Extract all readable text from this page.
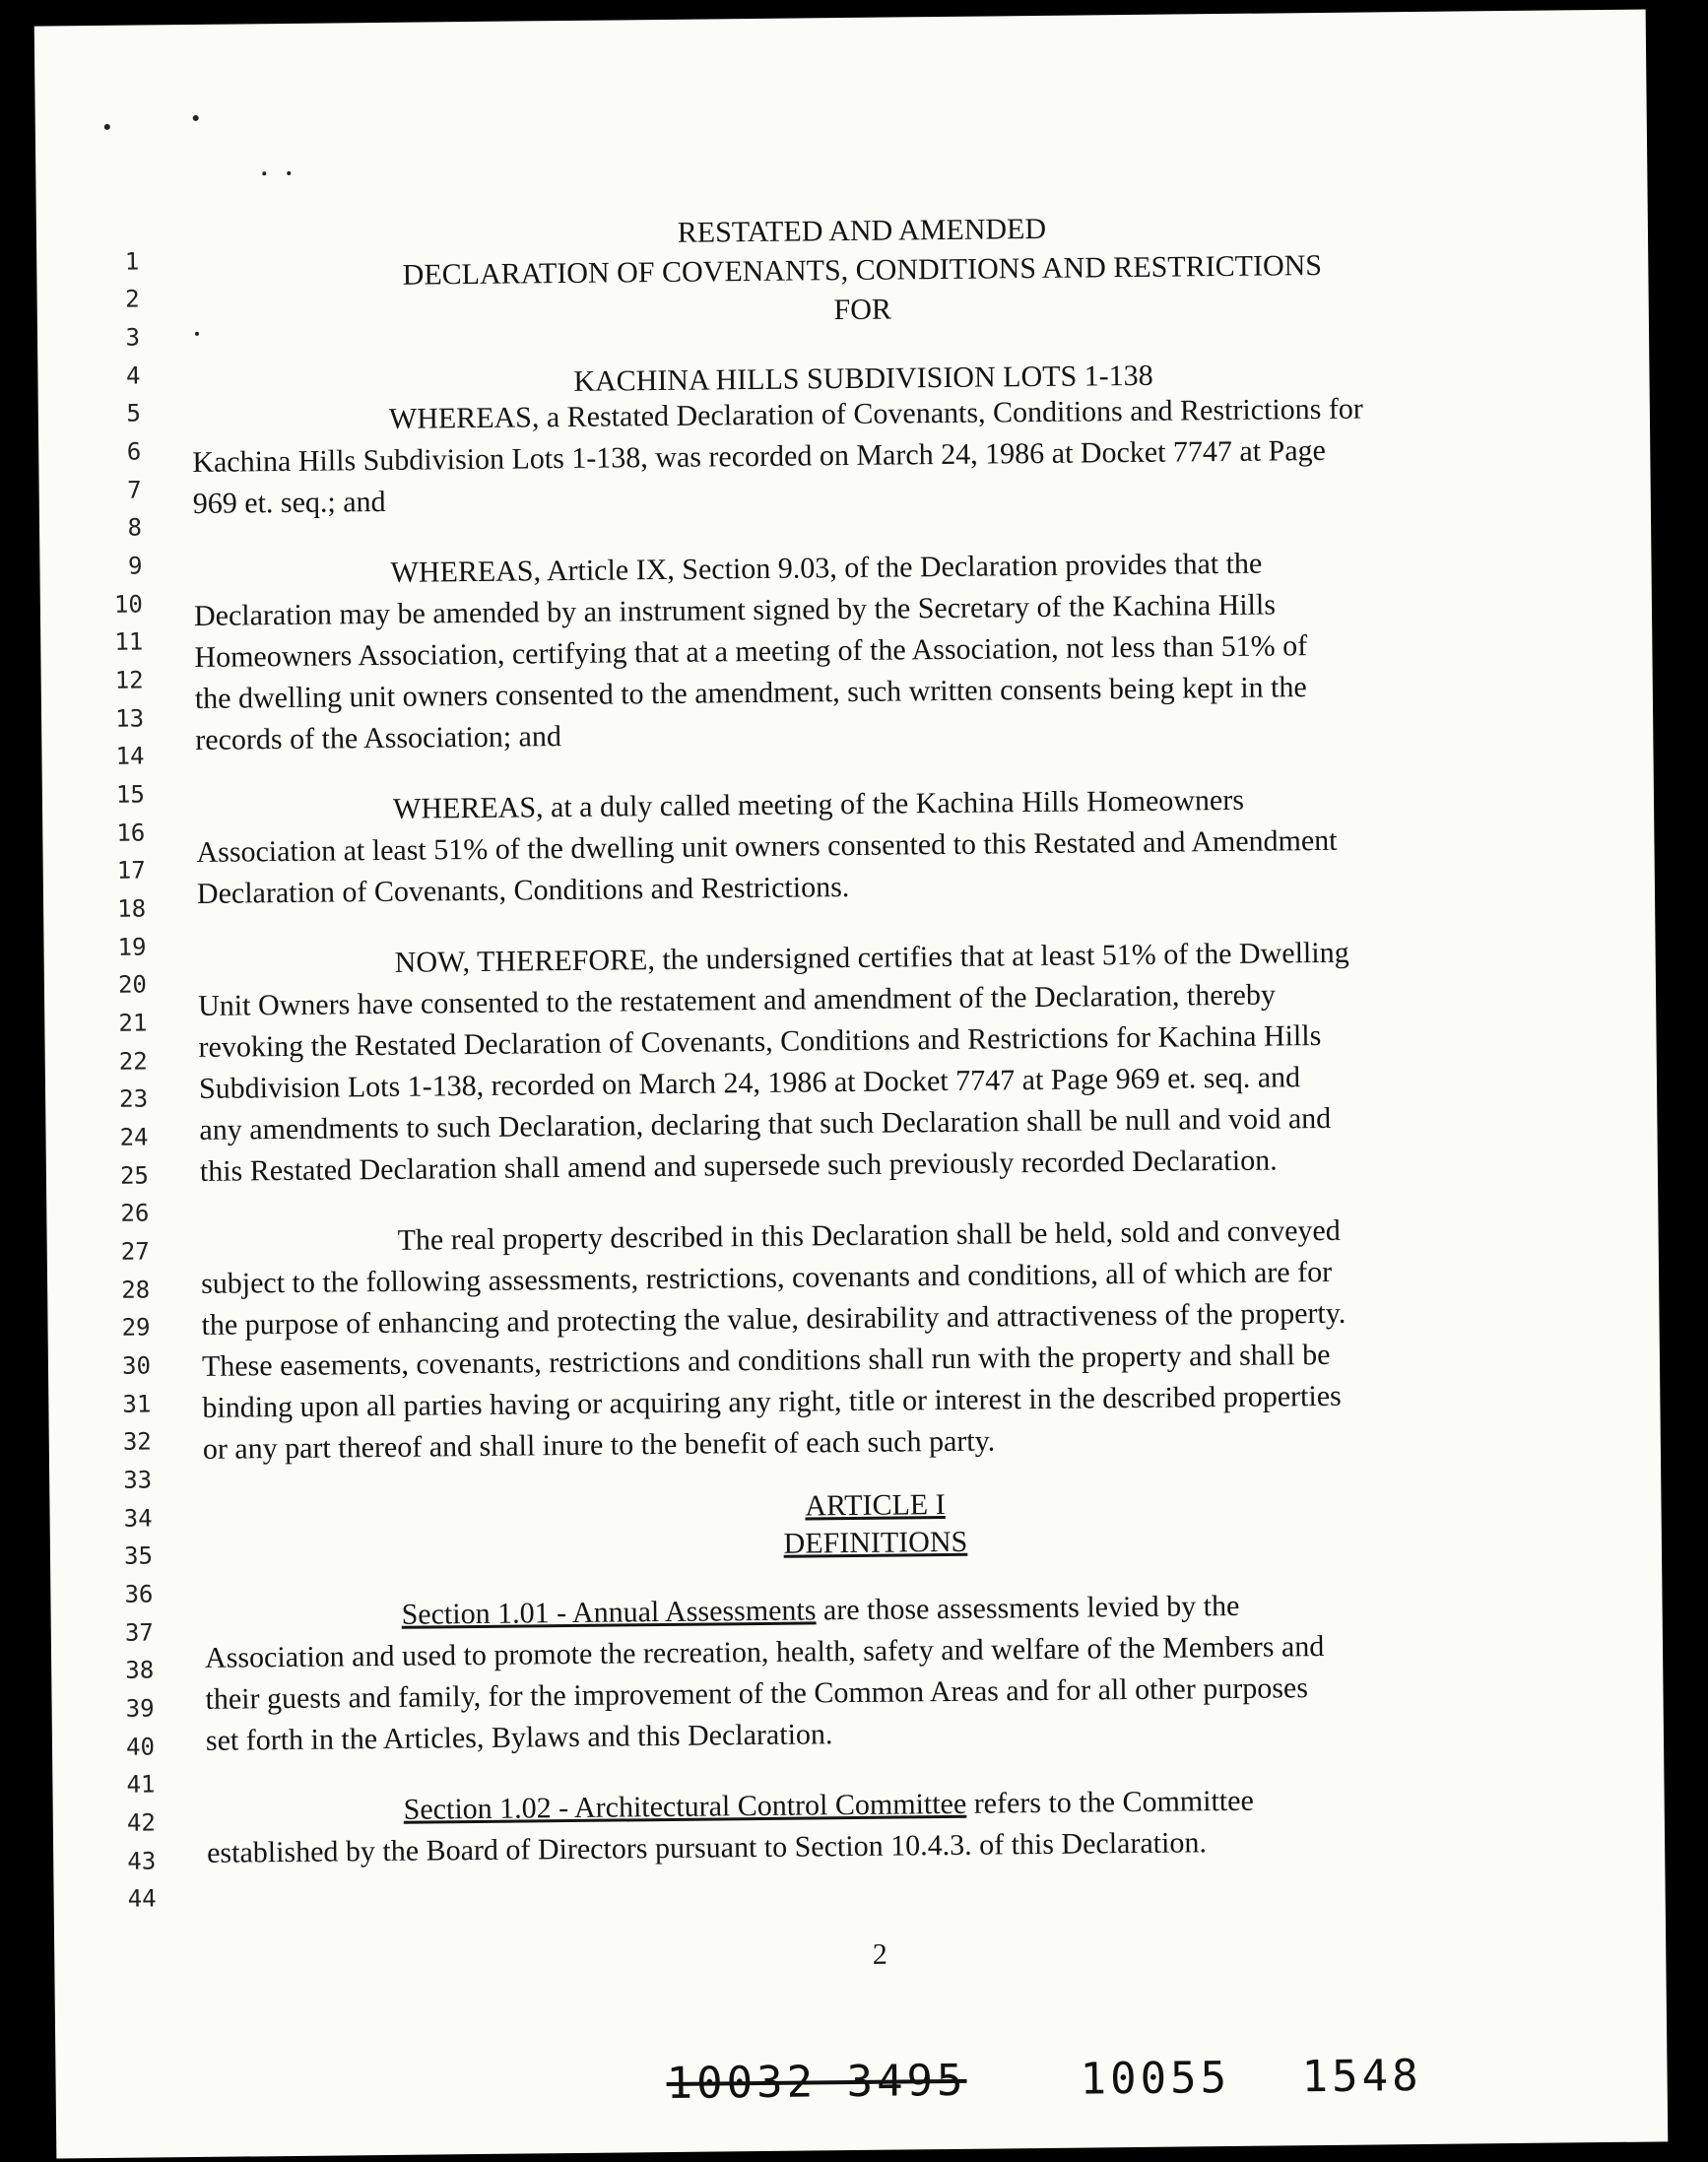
1
2
3
4
5
6
7
8
9
10
11
12
13
14
15
16
17
18
19
20
21
22
23
24
25
26
27
28
29
30
31
32
33
34
35
36
37
38
39
40
41
42
43
44
RESTATED AND AMENDED
DECLARATION OF COVENANTS, CONDITIONS AND RESTRICTIONS
FOR
KACHINA HILLS SUBDIVISION LOTS 1-138
WHEREAS, a Restated Declaration of Covenants, Conditions and Restrictions for
Kachina Hills Subdivision Lots 1-138, was recorded on March 24, 1986 at Docket 7747 at Page
969 et. seq.; and
WHEREAS, Article IX, Section 9.03, of the Declaration provides that the
Declaration may be amended by an instrument signed by the Secretary of the Kachina Hills
Homeowners Association, certifying that at a meeting of the Association, not less than 51% of
the dwelling unit owners consented to the amendment, such written consents being kept in the
records of the Association; and
WHEREAS, at a duly called meeting of the Kachina Hills Homeowners
Association at least 51% of the dwelling unit owners consented to this Restated and Amendment
Declaration of Covenants, Conditions and Restrictions.
NOW, THEREFORE, the undersigned certifies that at least 51% of the Dwelling
Unit Owners have consented to the restatement and amendment of the Declaration, thereby
revoking the Restated Declaration of Covenants, Conditions and Restrictions for Kachina Hills
Subdivision Lots 1-138, recorded on March 24, 1986 at Docket 7747 at Page 969 et. seq. and
any amendments to such Declaration, declaring that such Declaration shall be null and void and
this Restated Declaration shall amend and supersede such previously recorded Declaration.
The real property described in this Declaration shall be held, sold and conveyed
subject to the following assessments, restrictions, covenants and conditions, all of which are for
the purpose of enhancing and protecting the value, desirability and attractiveness of the property.
These easements, covenants, restrictions and conditions shall run with the property and shall be
binding upon all parties having or acquiring any right, title or interest in the described properties
or any part thereof and shall inure to the benefit of each such party.
ARTICLE I
DEFINITIONS
Section 1.01 - Annual Assessments are those assessments levied by the
Association and used to promote the recreation, health, safety and welfare of the Members and
their guests and family, for the improvement of the Common Areas and for all other purposes
set forth in the Articles, Bylaws and this Declaration.
Section 1.02 - Architectural Control Committee refers to the Committee
established by the Board of Directors pursuant to Section 10.4.3. of this Declaration.
2
10032 3495	10055 1548
